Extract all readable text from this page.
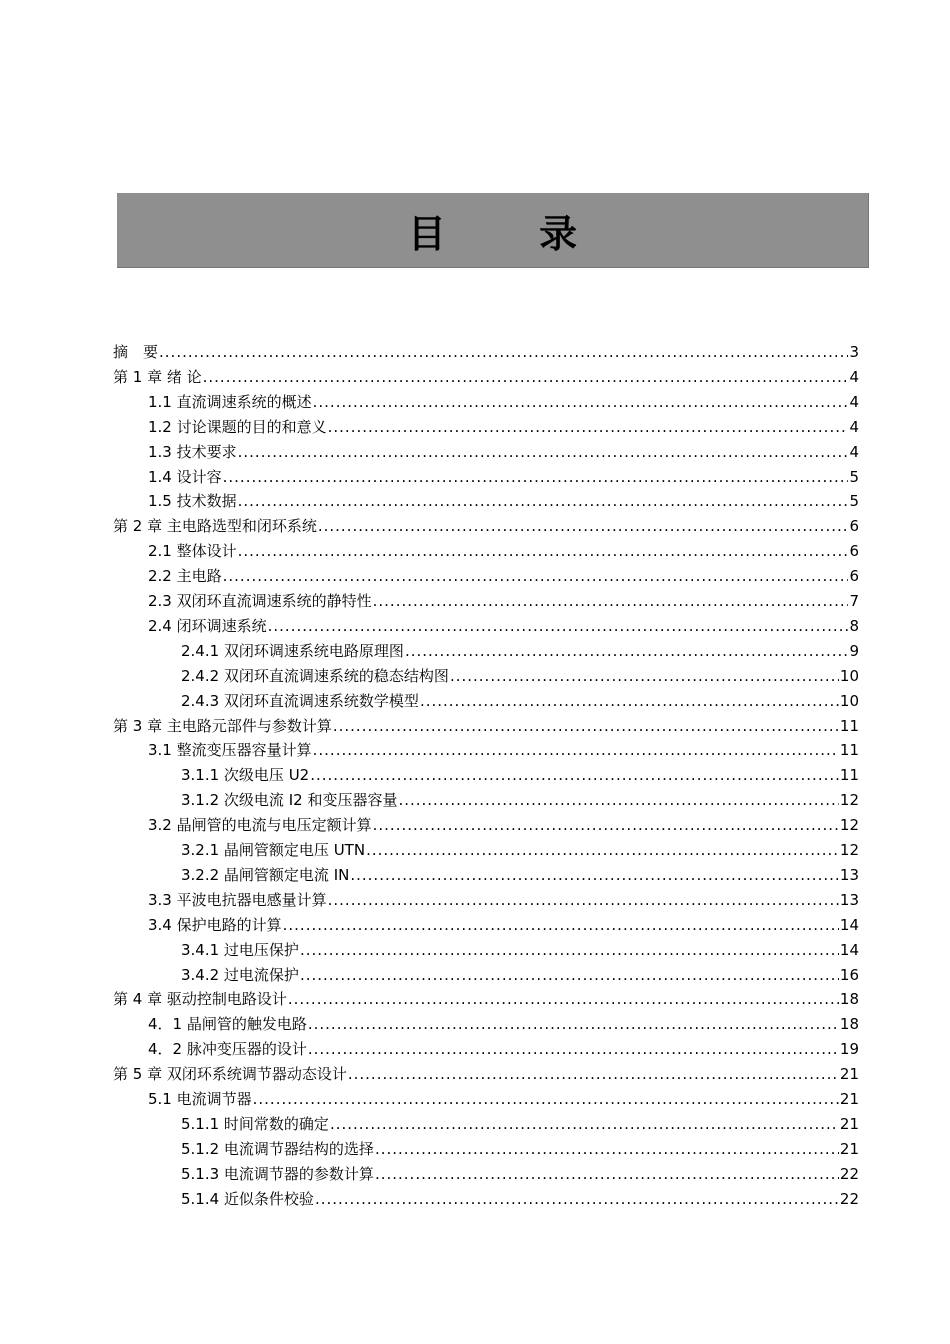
目 录
摘　要 .....	3
第 1 章 绪 论 .....	4
1.1 直流调速系统的概述 .....	4
1.2 讨论课题的目的和意义 .....	4
1.3 技术要求 .....	4
1.4 设计容 .....	5
1.5 技术数据 .....	5
第 2 章 主电路选型和闭环系统 .....	6
2.1 整体设计 .....	6
2.2 主电路 .....	6
2.3 双闭环直流调速系统的静特性 .....	7
2.4 闭环调速系统 .....	8
2.4.1 双闭环调速系统电路原理图 .....	9
2.4.2 双闭环直流调速系统的稳态结构图 .....	10
2.4.3 双闭环直流调速系统数学模型 .....	10
第 3 章 主电路元部件与参数计算 .....	11
3.1 整流变压器容量计算 .....	11
3.1.1 次级电压 U2 .....	11
3.1.2 次级电流 I2 和变压器容量 .....	12
3.2 晶闸管的电流与电压定额计算 .....	12
3.2.1 晶闸管额定电压 UTN .....	12
3.2.2 晶闸管额定电流 IN .....	13
3.3 平波电抗器电感量计算 .....	13
3.4 保护电路的计算 .....	14
3.4.1 过电压保护 .....	14
3.4.2 过电流保护 .....	16
第 4 章 驱动控制电路设计 .....	18
4．1 晶闸管的触发电路 .....	18
4．2 脉冲变压器的设计 .....	19
第 5 章 双闭环系统调节器动态设计 .....	21
5.1 电流调节器 .....	21
5.1.1 时间常数的确定 .....	21
5.1.2 电流调节器结构的选择 .....	21
5.1.3 电流调节器的参数计算 .....	22
5.1.4 近似条件校验 .....	22
